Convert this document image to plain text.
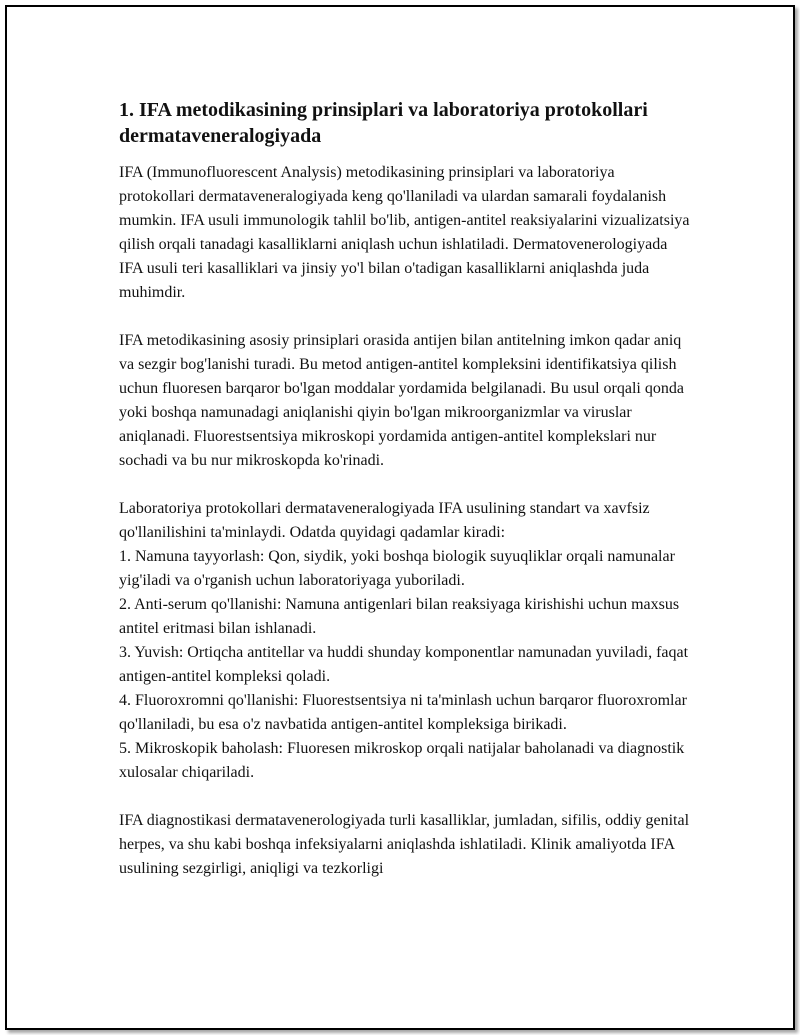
1. IFA metodikasining prinsiplari va laboratoriya protokollari dermataveneralogiyada

IFA (Immunofluorescent Analysis) metodikasining prinsiplari va laboratoriya protokollari dermataveneralogiyada keng qo'llaniladi va ulardan samarali foydalanish mumkin. IFA usuli immunologik tahlil bo'lib, antigen-antitel reaksiyalarini vizualizatsiya qilish orqali tanadagi kasalliklarni aniqlash uchun ishlatiladi. Dermatovenerologiyada IFA usuli teri kasalliklari va jinsiy yo'l bilan o'tadigan kasalliklarni aniqlashda juda muhimdir.

IFA metodikasining asosiy prinsiplari orasida antijen bilan antitelning imkon qadar aniq va sezgir bog'lanishi turadi. Bu metod antigen-antitel kompleksini identifikatsiya qilish uchun fluoresen barqaror bo'lgan moddalar yordamida belgilanadi. Bu usul orqali qonda yoki boshqa namunadagi aniqlanishi qiyin bo'lgan mikroorganizmlar va viruslar aniqlanadi. Fluorestsentsiya mikroskopi yordamida antigen-antitel komplekslari nur sochadi va bu nur mikroskopda ko'rinadi.

Laboratoriya protokollari dermataveneralogiyada IFA usulining standart va xavfsiz qo'llanilishini ta'minlaydi. Odatda quyidagi qadamlar kiradi:

1. Namuna tayyorlash: Qon, siydik, yoki boshqa biologik suyuqliklar orqali namunalar yig'iladi va o'rganish uchun laboratoriyaga yuboriladi.

2. Anti-serum qo'llanishi: Namuna antigenlari bilan reaksiyaga kirishishi uchun maxsus antitel eritmasi bilan ishlanadi.

3. Yuvish: Ortiqcha antitellar va huddi shunday komponentlar namunadan yuviladi, faqat antigen-antitel kompleksi qoladi.

4. Fluoroxromni qo'llanishi: Fluorestsentsiya ni ta'minlash uchun barqaror fluoroxromlar qo'llaniladi, bu esa o'z navbatida antigen-antitel kompleksiga birikadi.

5. Mikroskopik baholash: Fluoresen mikroskop orqali natijalar baholanadi va diagnostik xulosalar chiqariladi.

IFA diagnostikasi dermatavenerologiyada turli kasalliklar, jumladan, sifilis, oddiy genital herpes, va shu kabi boshqa infeksiyalarni aniqlashda ishlatiladi. Klinik amaliyotda IFA usulining sezgirligi, aniqligi va tezkorligi
